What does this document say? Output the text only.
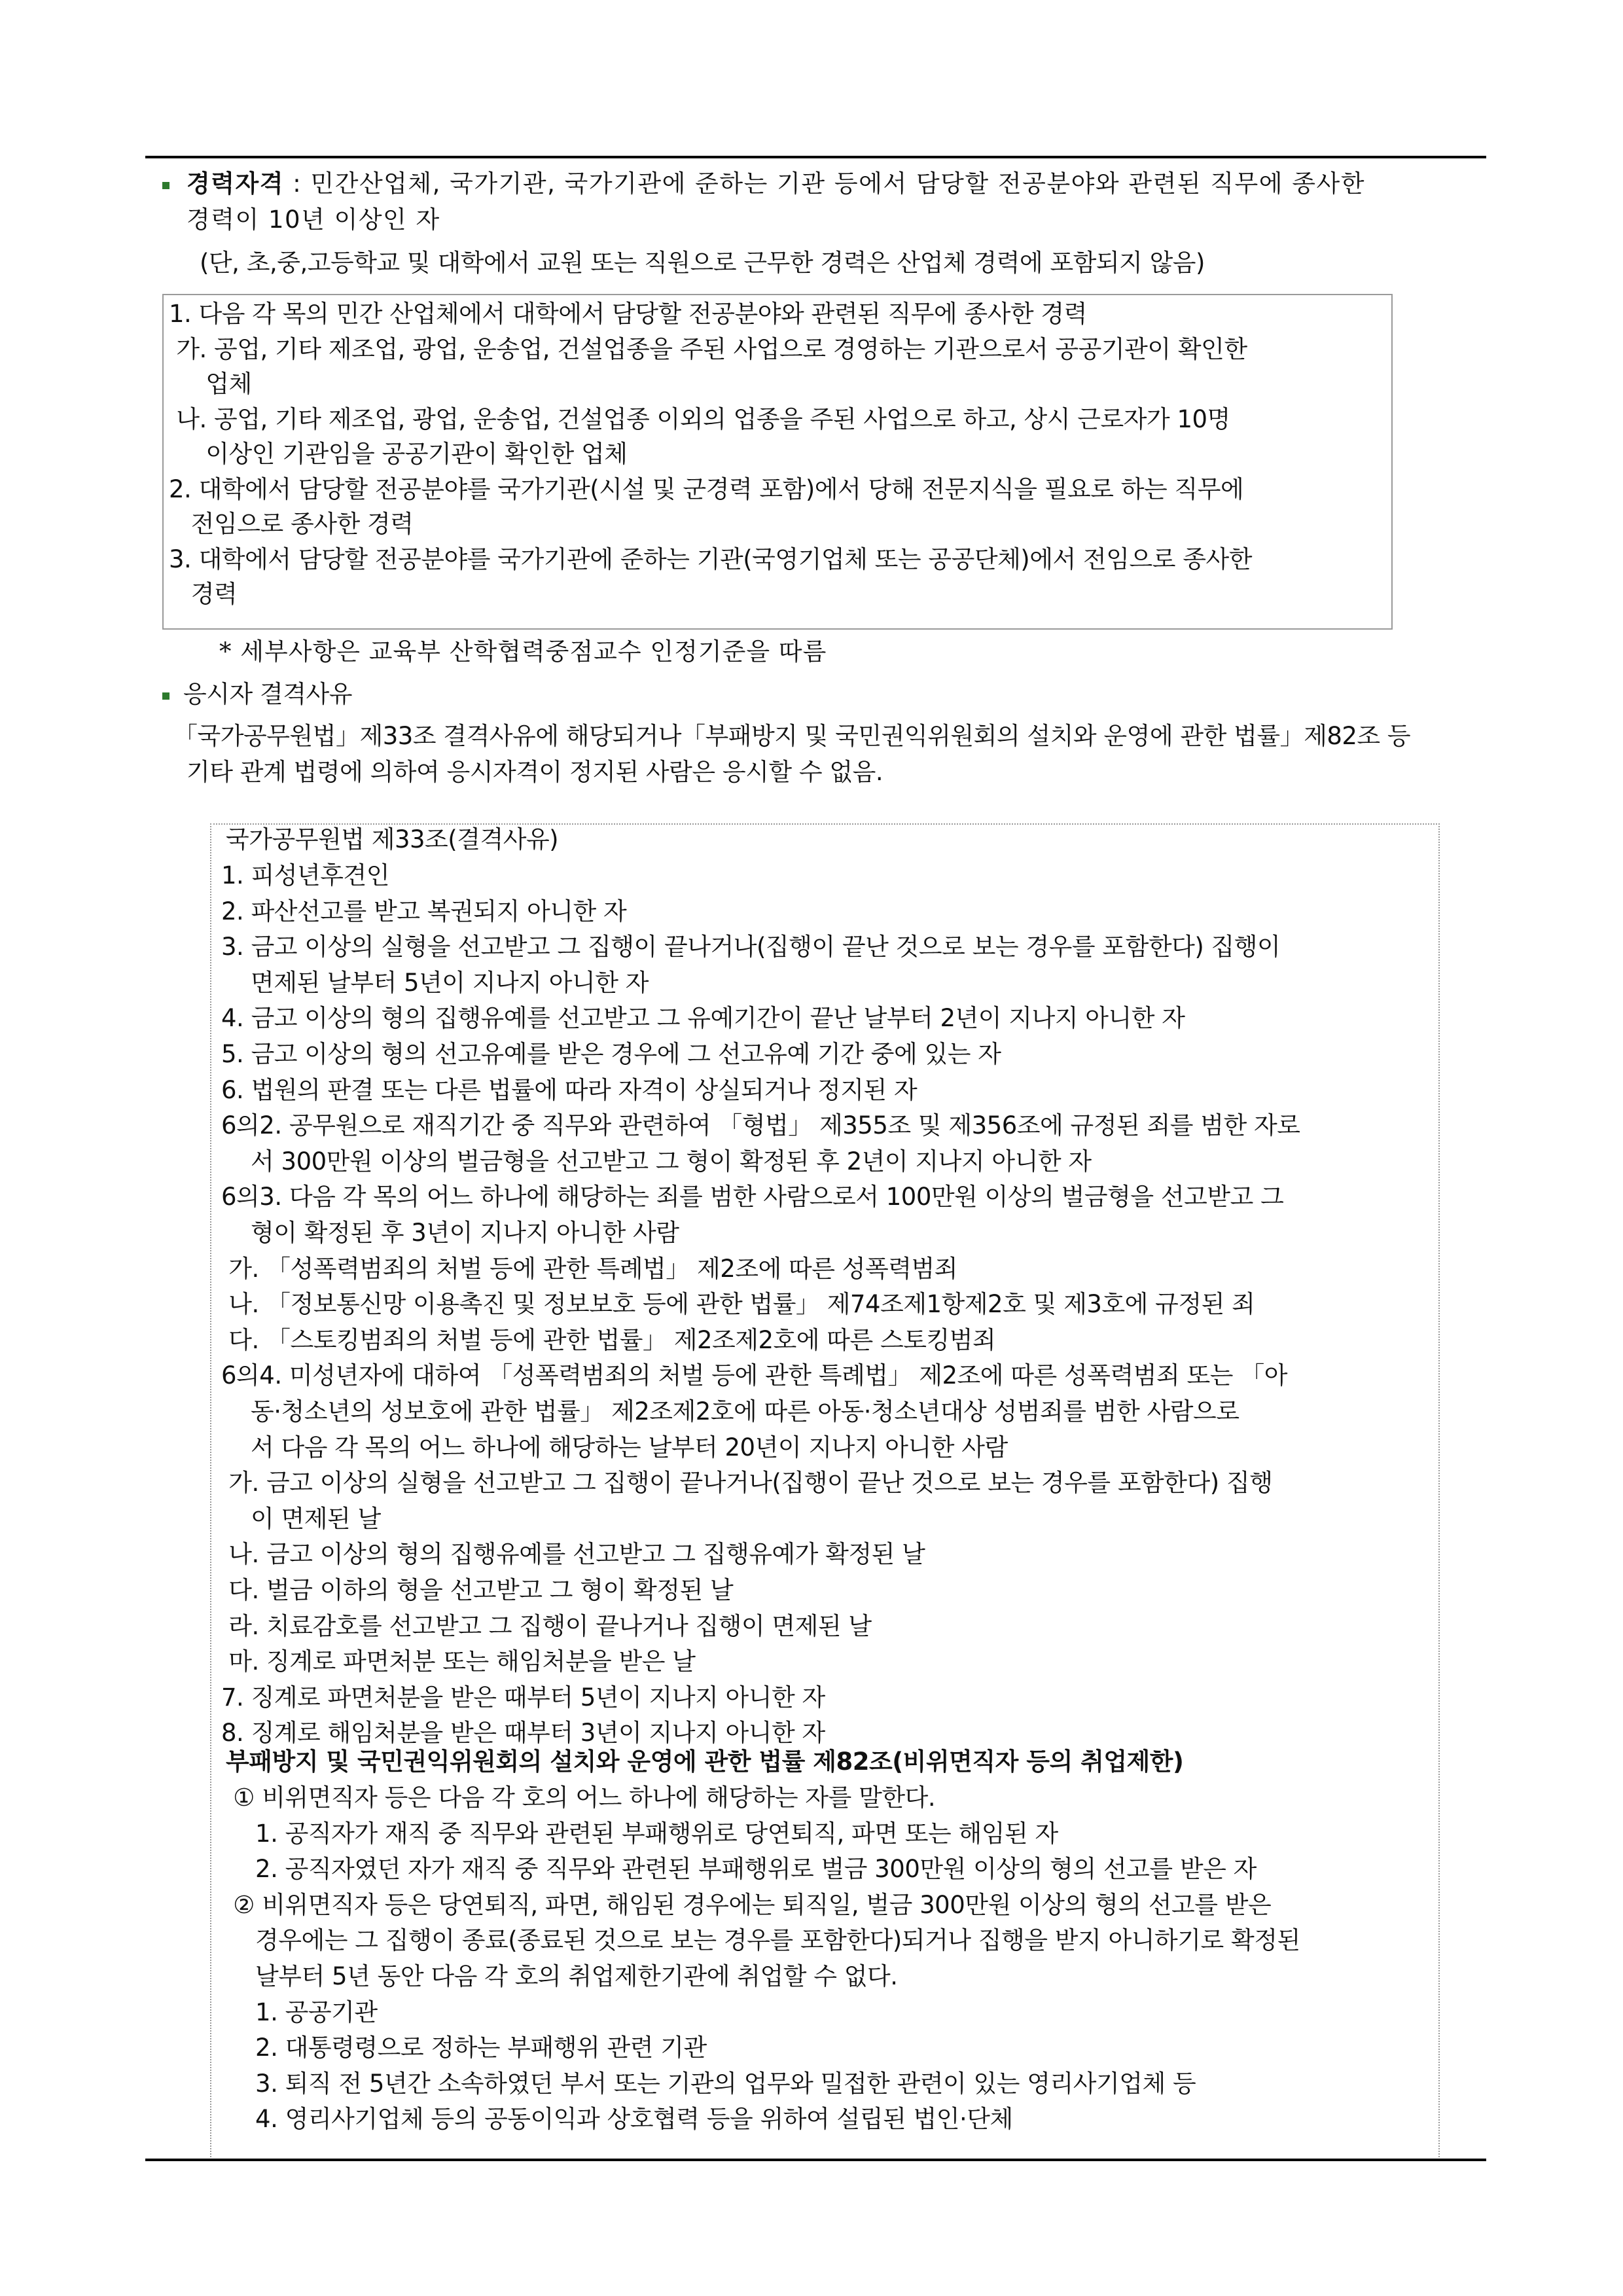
경력자격 : 민간산업체, 국가기관, 국가기관에 준하는 기관 등에서 담당할 전공분야와 관련된 직무에 종사한
경력이 10년 이상인 자
(단, 초,중,고등학교 및 대학에서 교원 또는 직원으로 근무한 경력은 산업체 경력에 포함되지 않음)
1. 다음 각 목의 민간 산업체에서 대학에서 담당할 전공분야와 관련된 직무에 종사한 경력
가. 공업, 기타 제조업, 광업, 운송업, 건설업종을 주된 사업으로 경영하는 기관으로서 공공기관이 확인한
업체
나. 공업, 기타 제조업, 광업, 운송업, 건설업종 이외의 업종을 주된 사업으로 하고, 상시 근로자가 10명
이상인 기관임을 공공기관이 확인한 업체
2. 대학에서 담당할 전공분야를 국가기관(시설 및 군경력 포함)에서 당해 전문지식을 필요로 하는 직무에
전임으로 종사한 경력
3. 대학에서 담당할 전공분야를 국가기관에 준하는 기관(국영기업체 또는 공공단체)에서 전임으로 종사한
경력
* 세부사항은 교육부 산학협력중점교수 인정기준을 따름
응시자 결격사유
「국가공무원법」제33조 결격사유에 해당되거나「부패방지 및 국민권익위원회의 설치와 운영에 관한 법률」제82조 등
기타 관계 법령에 의하여 응시자격이 정지된 사람은 응시할 수 없음.
국가공무원법 제33조(결격사유)
1. 피성년후견인
2. 파산선고를 받고 복권되지 아니한 자
3. 금고 이상의 실형을 선고받고 그 집행이 끝나거나(집행이 끝난 것으로 보는 경우를 포함한다) 집행이
면제된 날부터 5년이 지나지 아니한 자
4. 금고 이상의 형의 집행유예를 선고받고 그 유예기간이 끝난 날부터 2년이 지나지 아니한 자
5. 금고 이상의 형의 선고유예를 받은 경우에 그 선고유예 기간 중에 있는 자
6. 법원의 판결 또는 다른 법률에 따라 자격이 상실되거나 정지된 자
6의2. 공무원으로 재직기간 중 직무와 관련하여 「형법」 제355조 및 제356조에 규정된 죄를 범한 자로
서 300만원 이상의 벌금형을 선고받고 그 형이 확정된 후 2년이 지나지 아니한 자
6의3. 다음 각 목의 어느 하나에 해당하는 죄를 범한 사람으로서 100만원 이상의 벌금형을 선고받고 그
형이 확정된 후 3년이 지나지 아니한 사람
가. 「성폭력범죄의 처벌 등에 관한 특례법」 제2조에 따른 성폭력범죄
나. 「정보통신망 이용촉진 및 정보보호 등에 관한 법률」 제74조제1항제2호 및 제3호에 규정된 죄
다. 「스토킹범죄의 처벌 등에 관한 법률」 제2조제2호에 따른 스토킹범죄
6의4. 미성년자에 대하여 「성폭력범죄의 처벌 등에 관한 특례법」 제2조에 따른 성폭력범죄 또는 「아
동·청소년의 성보호에 관한 법률」 제2조제2호에 따른 아동·청소년대상 성범죄를 범한 사람으로
서 다음 각 목의 어느 하나에 해당하는 날부터 20년이 지나지 아니한 사람
가. 금고 이상의 실형을 선고받고 그 집행이 끝나거나(집행이 끝난 것으로 보는 경우를 포함한다) 집행
이 면제된 날
나. 금고 이상의 형의 집행유예를 선고받고 그 집행유예가 확정된 날
다. 벌금 이하의 형을 선고받고 그 형이 확정된 날
라. 치료감호를 선고받고 그 집행이 끝나거나 집행이 면제된 날
마. 징계로 파면처분 또는 해임처분을 받은 날
7. 징계로 파면처분을 받은 때부터 5년이 지나지 아니한 자
8. 징계로 해임처분을 받은 때부터 3년이 지나지 아니한 자
부패방지 및 국민권익위원회의 설치와 운영에 관한 법률 제82조(비위면직자 등의 취업제한)
① 비위면직자 등은 다음 각 호의 어느 하나에 해당하는 자를 말한다.
1. 공직자가 재직 중 직무와 관련된 부패행위로 당연퇴직, 파면 또는 해임된 자
2. 공직자였던 자가 재직 중 직무와 관련된 부패행위로 벌금 300만원 이상의 형의 선고를 받은 자
② 비위면직자 등은 당연퇴직, 파면, 해임된 경우에는 퇴직일, 벌금 300만원 이상의 형의 선고를 받은
경우에는 그 집행이 종료(종료된 것으로 보는 경우를 포함한다)되거나 집행을 받지 아니하기로 확정된
날부터 5년 동안 다음 각 호의 취업제한기관에 취업할 수 없다.
1. 공공기관
2. 대통령령으로 정하는 부패행위 관련 기관
3. 퇴직 전 5년간 소속하였던 부서 또는 기관의 업무와 밀접한 관련이 있는 영리사기업체 등
4. 영리사기업체 등의 공동이익과 상호협력 등을 위하여 설립된 법인·단체
